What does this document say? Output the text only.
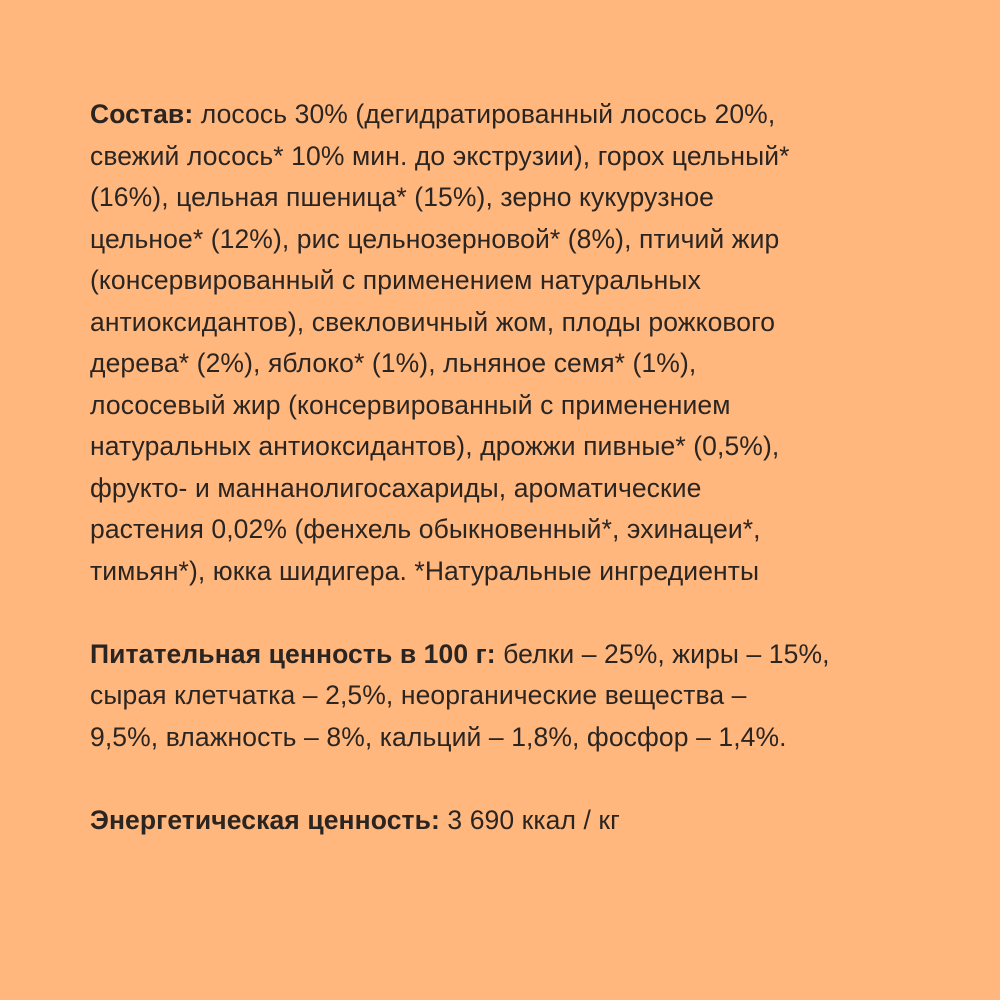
Состав: лосось 30% (дегидратированный лосось 20%,
свежий лосось* 10% мин. до экструзии), горох цельный*
(16%), цельная пшеница* (15%), зерно кукурузное
цельное* (12%), рис цельнозерновой* (8%), птичий жир
(консервированный с применением натуральных
антиоксидантов), свекловичный жом, плоды рожкового
дерева* (2%), яблоко* (1%), льняное семя* (1%),
лососевый жир (консервированный с применением
натуральных антиоксидантов), дрожжи пивные* (0,5%),
фрукто- и маннанолигосахариды, ароматические
растения 0,02% (фенхель обыкновенный*, эхинацеи*,
тимьян*), юкка шидигера. *Натуральные ингредиенты

Питательная ценность в 100 г: белки – 25%, жиры – 15%,
сырая клетчатка – 2,5%, неорганические вещества –
9,5%, влажность – 8%, кальций – 1,8%, фосфор – 1,4%.

Энергетическая ценность: 3 690 ккал / кг
